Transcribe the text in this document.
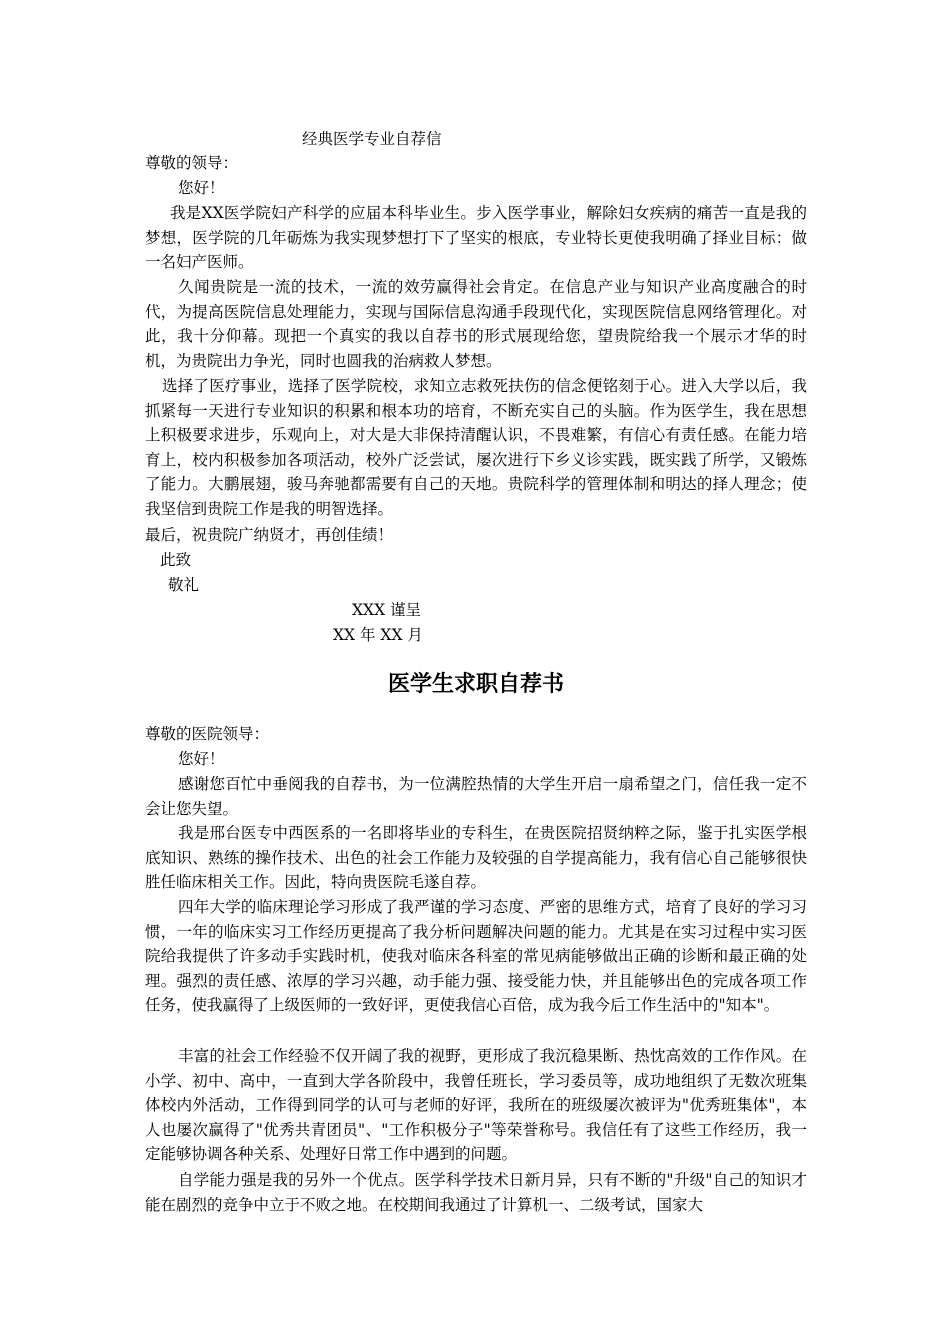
经典医学专业自荐信
尊敬的领导：
您好！
我是XX医学院妇产科学的应届本科毕业生。步入医学事业，解除妇女疾病的痛苦一直是我的梦想，医学院的几年砺炼为我实现梦想打下了坚实的根底，专业特长更使我明确了择业目标：做一名妇产医师。
久闻贵院是一流的技术，一流的效劳赢得社会肯定。在信息产业与知识产业高度融合的时代，为提高医院信息处理能力，实现与国际信息沟通手段现代化，实现医院信息网络管理化。对此，我十分仰幕。现把一个真实的我以自荐书的形式展现给您，望贵院给我一个展示才华的时机，为贵院出力争光，同时也圆我的治病救人梦想。
选择了医疗事业，选择了医学院校，求知立志救死扶伤的信念便铭刻于心。进入大学以后，我抓紧每一天进行专业知识的积累和根本功的培育，不断充实自己的头脑。作为医学生，我在思想上积极要求进步，乐观向上，对大是大非保持清醒认识，不畏难繁，有信心有责任感。在能力培育上，校内积极参加各项活动，校外广泛尝试，屡次进行下乡义诊实践，既实践了所学，又锻炼了能力。大鹏展翅，骏马奔驰都需要有自己的天地。贵院科学的管理体制和明达的择人理念；使我坚信到贵院工作是我的明智选择。
最后，祝贵院广纳贤才，再创佳绩！
此致
敬礼
XXX 谨呈
XX 年 XX 月
医学生求职自荐书
尊敬的医院领导：
您好！
感谢您百忙中垂阅我的自荐书，为一位满腔热情的大学生开启一扇希望之门，信任我一定不会让您失望。
我是邢台医专中西医系的一名即将毕业的专科生，在贵医院招贤纳粹之际，鉴于扎实医学根底知识、熟练的操作技术、出色的社会工作能力及较强的自学提高能力，我有信心自己能够很快胜任临床相关工作。因此，特向贵医院毛遂自荐。
四年大学的临床理论学习形成了我严谨的学习态度、严密的思维方式，培育了良好的学习习惯，一年的临床实习工作经历更提高了我分析问题解决问题的能力。尤其是在实习过程中实习医院给我提供了许多动手实践时机，使我对临床各科室的常见病能够做出正确的诊断和最正确的处理。强烈的责任感、浓厚的学习兴趣，动手能力强、接受能力快，并且能够出色的完成各项工作任务，使我赢得了上级医师的一致好评，更使我信心百倍，成为我今后工作生活中的"知本"。
丰富的社会工作经验不仅开阔了我的视野，更形成了我沉稳果断、热忱高效的工作作风。在小学、初中、高中，一直到大学各阶段中，我曾任班长，学习委员等，成功地组织了无数次班集体校内外活动，工作得到同学的认可与老师的好评，我所在的班级屡次被评为"优秀班集体"，本人也屡次赢得了"优秀共青团员"、"工作积极分子"等荣誉称号。我信任有了这些工作经历，我一定能够协调各种关系、处理好日常工作中遇到的问题。
自学能力强是我的另外一个优点。医学科学技术日新月异，只有不断的"升级"自己的知识才能在剧烈的竞争中立于不败之地。在校期间我通过了计算机一、二级考试，国家大
